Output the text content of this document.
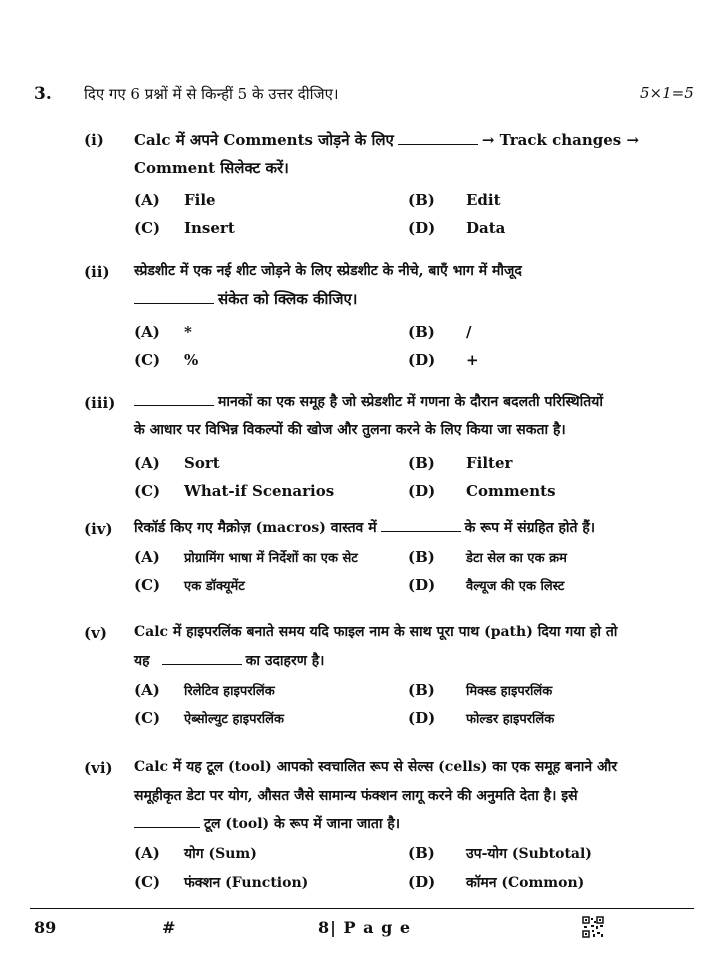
3. दिए गए 6 प्रश्नों में से किन्हीं 5 के उत्तर दीजिए।	5×1=5
(i) Calc में अपने Comments जोड़ने के लिए	→ Track changes →
Comment सिलेक्ट करें।
(A) File	(B) Edit
(C) Insert	(D) Data
(ii) स्प्रेडशीट में एक नई शीट जोड़ने के लिए स्प्रेडशीट के नीचे, बाएँ भाग में मौजूद
संकेत को क्लिक कीजिए।
(A) *	(B) /
(C) %	(D) +
(iii)	मानकों का एक समूह है जो स्प्रेडशीट में गणना के दौरान बदलती परिस्थितियों
के आधार पर विभिन्न विकल्पों की खोज और तुलना करने के लिए किया जा सकता है।
(A) Sort	(B) Filter
(C) What-if Scenarios	(D) Comments
(iv) रिकॉर्ड किए गए मैक्रोज़ (macros) वास्तव में	के रूप में संग्रहित होते हैं।
(A) प्रोग्रामिंग भाषा में निर्देशों का एक सेट	(B) डेटा सेल का एक क्रम
(C) एक डॉक्यूमेंट	(D) वैल्यूज की एक लिस्ट
(v) Calc में हाइपरलिंक बनाते समय यदि फाइल नाम के साथ पूरा पाथ (path) दिया गया हो तो
यह	का उदाहरण है।
(A) रिलेटिव हाइपरलिंक	(B) मिक्स्ड हाइपरलिंक
(C) ऐब्सोल्युट हाइपरलिंक	(D) फोल्डर हाइपरलिंक
(vi) Calc में यह टूल (tool) आपको स्वचालित रूप से सेल्स (cells) का एक समूह बनाने और
समूहीकृत डेटा पर योग, औसत जैसे सामान्य फंक्शन लागू करने की अनुमति देता है। इसे
टूल (tool) के रूप में जाना जाता है।
(A) योग (Sum)	(B) उप-योग (Subtotal)
(C) फंक्शन (Function)	(D) कॉमन (Common)
89	#	8| P a g e
